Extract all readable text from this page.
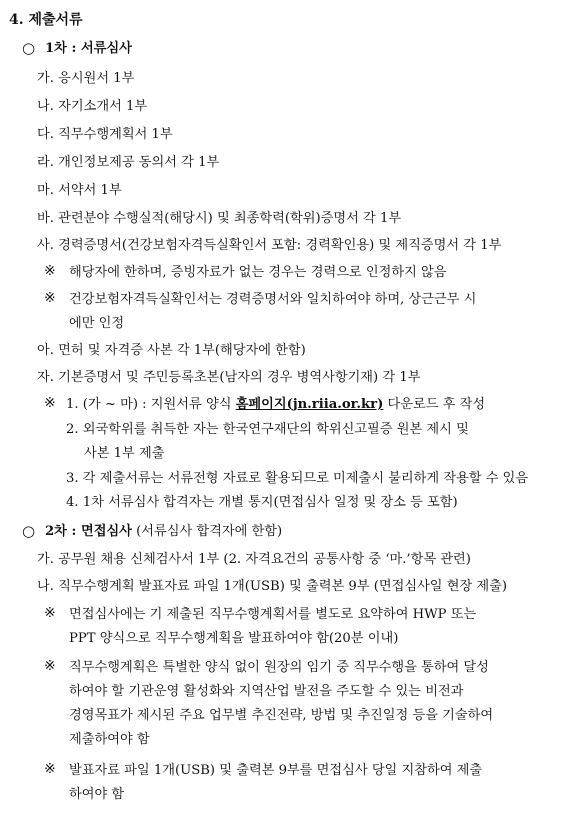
4. 제출서류
○ 1차 : 서류심사
가. 응시원서 1부
나. 자기소개서 1부
다. 직무수행계획서 1부
라. 개인정보제공 동의서 각 1부
마. 서약서 1부
바. 관련분야 수행실적(해당시) 및 최종학력(학위)증명서 각 1부
사. 경력증명서(건강보험자격득실확인서 포함: 경력확인용) 및 제직증명서 각 1부
※ 해당자에 한하며, 증빙자료가 없는 경우는 경력으로 인정하지 않음
※ 건강보험자격득실확인서는 경력증명서와 일치하여야 하며, 상근근무 시
에만 인정
아. 면허 및 자격증 사본 각 1부(해당자에 한함)
자. 기본증명서 및 주민등록초본(남자의 경우 병역사항기재) 각 1부
※ 1. (가 ~ 마) : 지원서류 양식 홈페이지(jn.riia.or.kr) 다운로드 후 작성
2. 외국학위를 취득한 자는 한국연구재단의 학위신고필증 원본 제시 및
사본 1부 제출
3. 각 제출서류는 서류전형 자료로 활용되므로 미제출시 불리하게 작용할 수 있음
4. 1차 서류심사 합격자는 개별 통지(면접심사 일정 및 장소 등 포함)
○ 2차 : 면접심사 (서류심사 합격자에 한함)
가. 공무원 채용 신체검사서 1부 (2. 자격요건의 공통사항 중 ‘마.’항목 관련)
나. 직무수행계획 발표자료 파일 1개(USB) 및 출력본 9부 (면접심사일 현장 제출)
※ 면접심사에는 기 제출된 직무수행계획서를 별도로 요약하여 HWP 또는
PPT 양식으로 직무수행계획을 발표하여야 함(20분 이내)
※ 직무수행계획은 특별한 양식 없이 원장의 임기 중 직무수행을 통하여 달성
하여야 할 기관운영 활성화와 지역산업 발전을 주도할 수 있는 비전과
경영목표가 제시된 주요 업무별 추진전략, 방법 및 추진일정 등을 기술하여
제출하여야 함
※ 발표자료 파일 1개(USB) 및 출력본 9부를 면접심사 당일 지참하여 제출
하여야 함
